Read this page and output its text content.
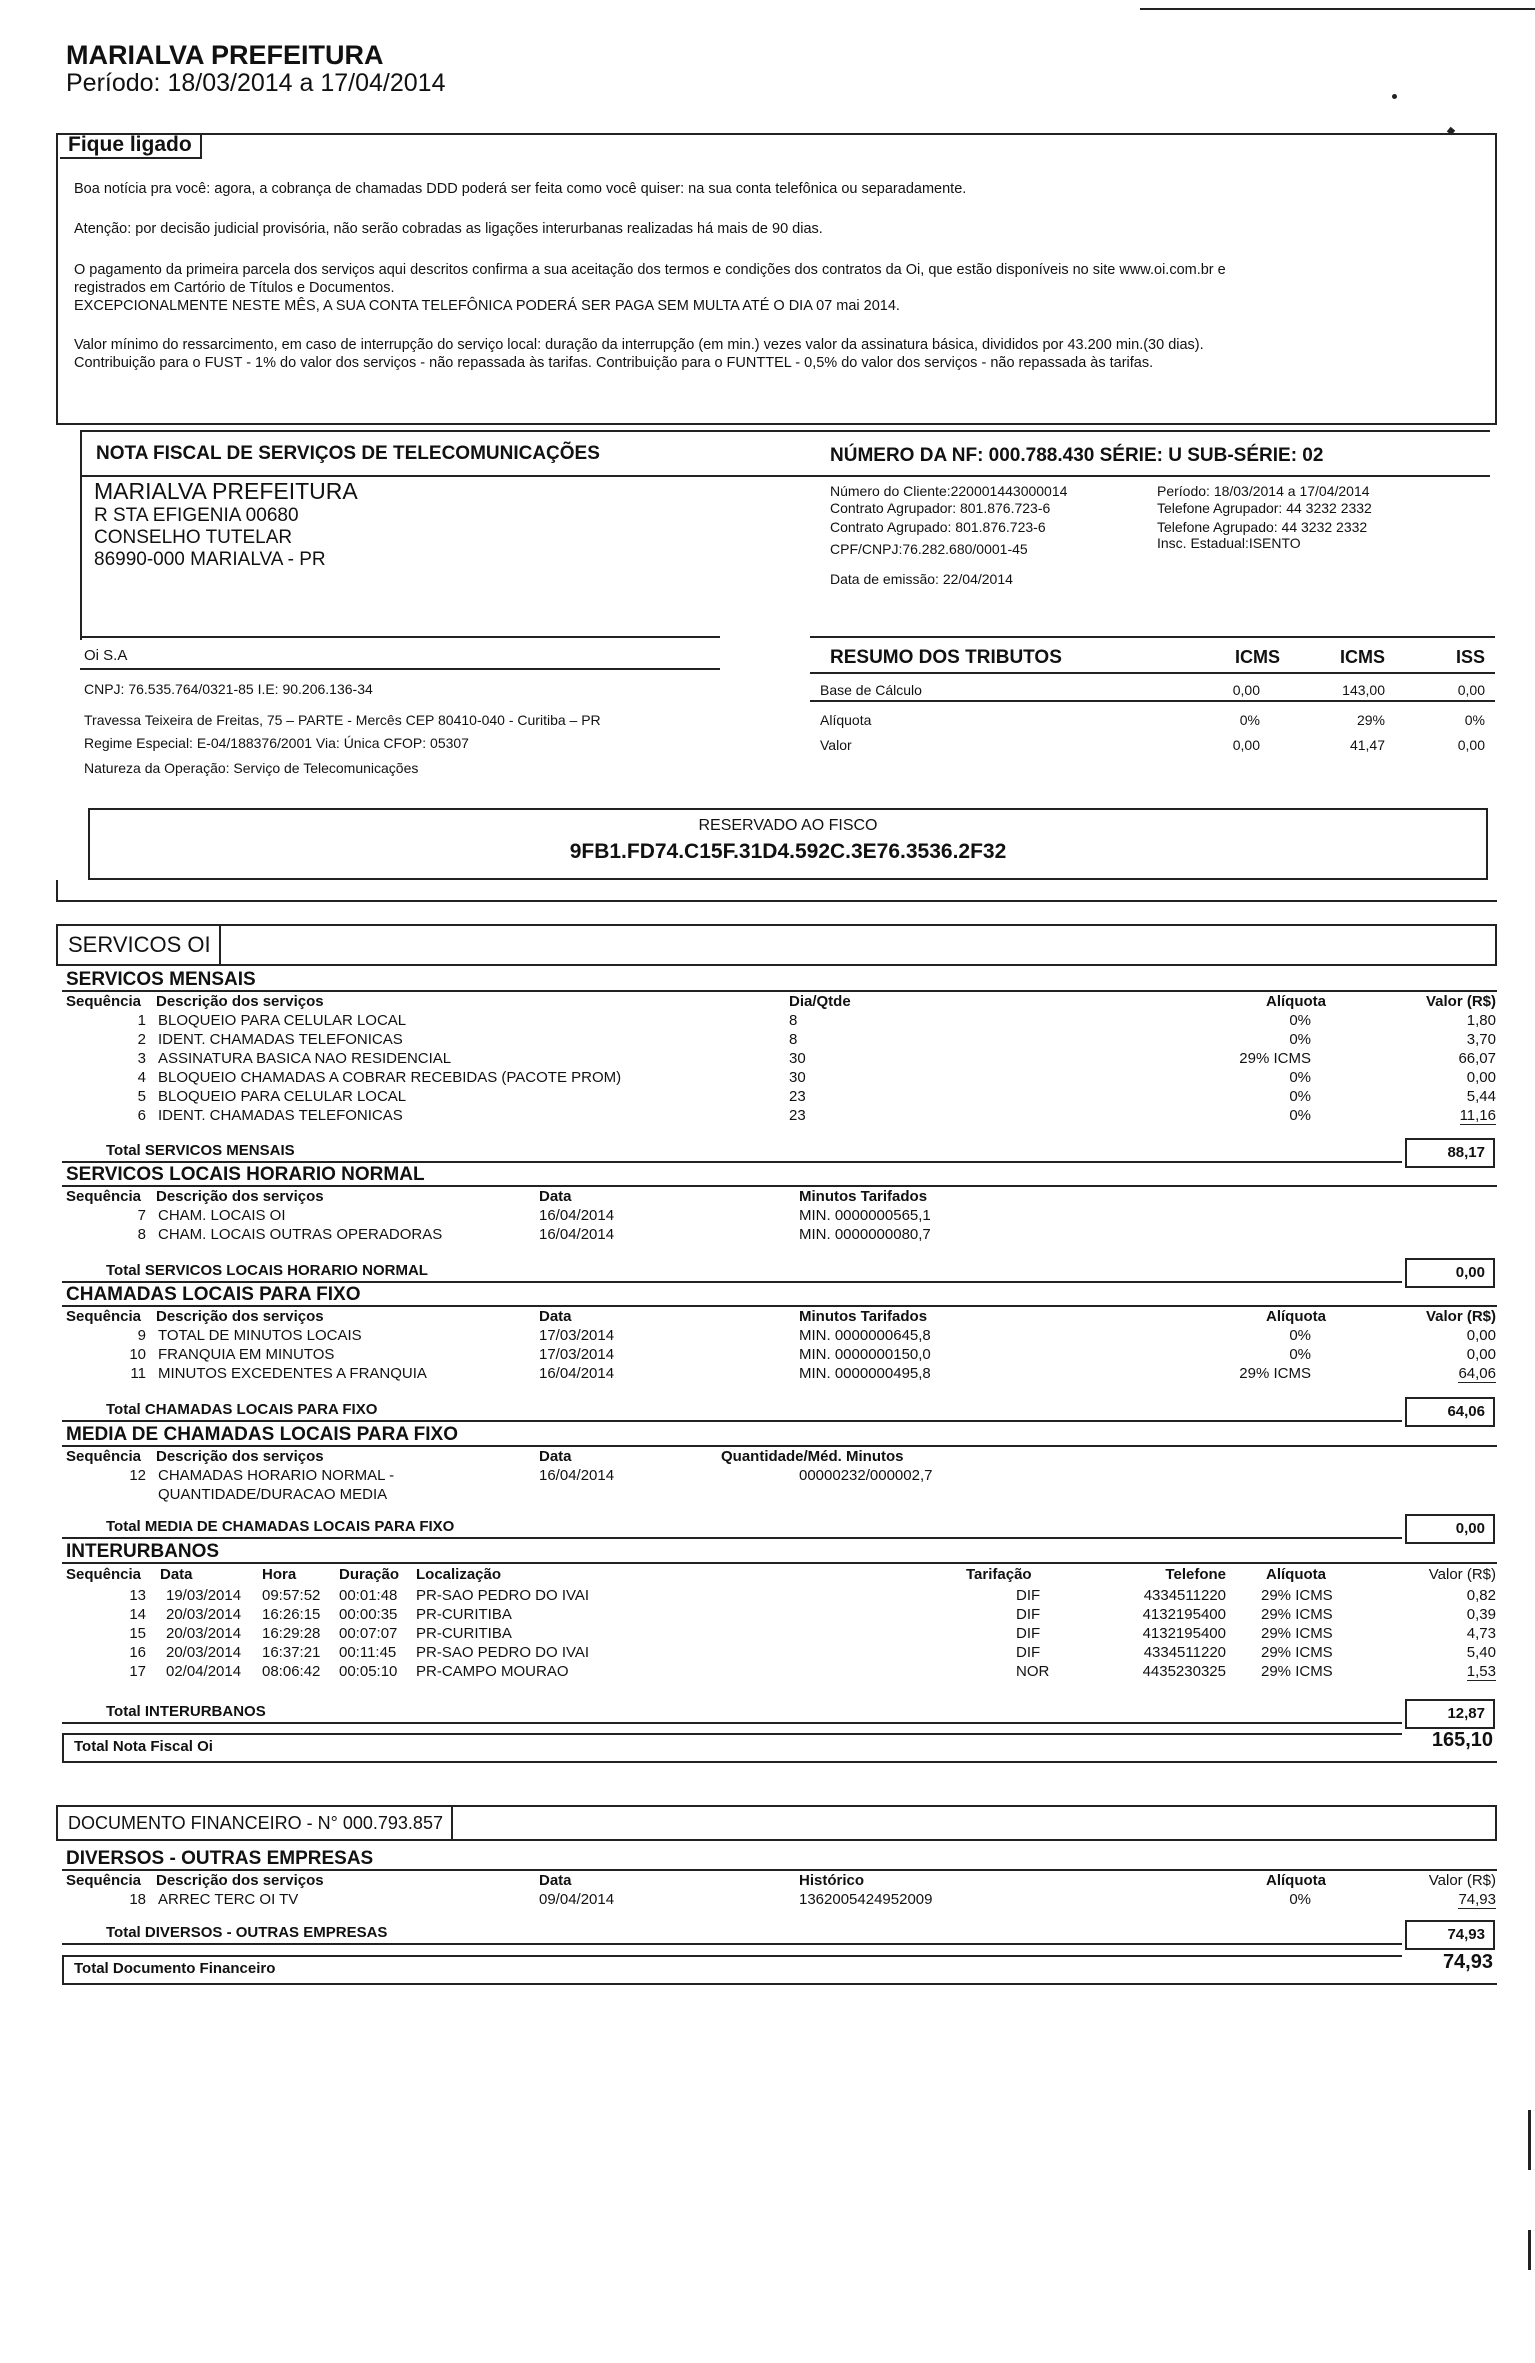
MARIALVA PREFEITURA
Período: 18/03/2014 a 17/04/2014
Fique ligado
Boa notícia pra você: agora, a cobrança de chamadas DDD poderá ser feita como você quiser: na sua conta telefônica ou separadamente.
Atenção: por decisão judicial provisória, não serão cobradas as ligações interurbanas realizadas há mais de 90 dias.
O pagamento da primeira parcela dos serviços aqui descritos confirma a sua aceitação dos termos e condições dos contratos da Oi, que estão disponíveis no site www.oi.com.br e
registrados em Cartório de Títulos e Documentos.
EXCEPCIONALMENTE NESTE MÊS, A SUA CONTA TELEFÔNICA PODERÁ SER PAGA SEM MULTA ATÉ O DIA 07 mai 2014.
Valor mínimo do ressarcimento, em caso de interrupção do serviço local: duração da interrupção (em min.) vezes valor da assinatura básica, divididos por 43.200 min.(30 dias).
Contribuição para o FUST - 1% do valor dos serviços - não repassada às tarifas. Contribuição para o FUNTTEL - 0,5% do valor dos serviços - não repassada às tarifas.
NOTA FISCAL DE SERVIÇOS DE TELECOMUNICAÇÕES	NÚMERO DA NF: 000.788.430 SÉRIE: U SUB-SÉRIE: 02
MARIALVA PREFEITURA
R STA EFIGENIA 00680
CONSELHO TUTELAR
86990-000 MARIALVA - PR
Número do Cliente:220001443000014
Contrato Agrupador: 801.876.723-6
Contrato Agrupado: 801.876.723-6
CPF/CNPJ:76.282.680/0001-45
Data de emissão: 22/04/2014
Período: 18/03/2014 a 17/04/2014
Telefone Agrupador: 44 3232 2332
Telefone Agrupado: 44 3232 2332
Insc. Estadual:ISENTO
Oi S.A
CNPJ: 76.535.764/0321-85 I.E: 90.206.136-34
Travessa Teixeira de Freitas, 75 – PARTE - Mercês CEP 80410-040 - Curitiba – PR
Regime Especial: E-04/188376/2001 Via: Única CFOP: 05307
Natureza da Operação: Serviço de Telecomunicações
RESUMO DOS TRIBUTOS	ICMS	ICMS	ISS
Base de Cálculo	0,00	143,00	0,00
Alíquota	0%	29%	0%
Valor	0,00	41,47	0,00
RESERVADO AO FISCO
9FB1.FD74.C15F.31D4.592C.3E76.3536.2F32
SERVICOS OI
SERVICOS MENSAIS
Sequência Descrição dos serviços	Dia/Qtde	Alíquota	Valor (R$)
1 BLOQUEIO PARA CELULAR LOCAL	8	0%	1,80
2 IDENT. CHAMADAS TELEFONICAS	8	0%	3,70
3 ASSINATURA BASICA NAO RESIDENCIAL	30	29% ICMS	66,07
4 BLOQUEIO CHAMADAS A COBRAR RECEBIDAS (PACOTE PROM)	30	0%	0,00
5 BLOQUEIO PARA CELULAR LOCAL	23	0%	5,44
6 IDENT. CHAMADAS TELEFONICAS	23	0%	11,16
Total SERVICOS MENSAIS	88,17
SERVICOS LOCAIS HORARIO NORMAL
Sequência Descrição dos serviços	Data	Minutos Tarifados
7 CHAM. LOCAIS OI	16/04/2014	MIN. 0000000565,1
8 CHAM. LOCAIS OUTRAS OPERADORAS	16/04/2014	MIN. 0000000080,7
Total SERVICOS LOCAIS HORARIO NORMAL	0,00
CHAMADAS LOCAIS PARA FIXO
Sequência Descrição dos serviços	Data	Minutos Tarifados	Alíquota	Valor (R$)
9 TOTAL DE MINUTOS LOCAIS	17/03/2014	MIN. 0000000645,8	0%	0,00
10 FRANQUIA EM MINUTOS	17/03/2014	MIN. 0000000150,0	0%	0,00
11 MINUTOS EXCEDENTES A FRANQUIA	16/04/2014	MIN. 0000000495,8	29% ICMS	64,06
Total CHAMADAS LOCAIS PARA FIXO	64,06
MEDIA DE CHAMADAS LOCAIS PARA FIXO
Sequência Descrição dos serviços	Data	Quantidade/Méd. Minutos
12 CHAMADAS HORARIO NORMAL -	16/04/2014	00000232/000002,7
QUANTIDADE/DURACAO MEDIA
Total MEDIA DE CHAMADAS LOCAIS PARA FIXO	0,00
INTERURBANOS
Sequência Data	Hora	Duração Localização	Tarifação	Telefone	Alíquota	Valor (R$)
13 19/03/2014 09:57:52 00:01:48 PR-SAO PEDRO DO IVAI	DIF	4334511220 29% ICMS	0,82
14 20/03/2014 16:26:15 00:00:35 PR-CURITIBA	DIF	4132195400 29% ICMS	0,39
15 20/03/2014 16:29:28 00:07:07 PR-CURITIBA	DIF	4132195400 29% ICMS	4,73
16 20/03/2014 16:37:21 00:11:45 PR-SAO PEDRO DO IVAI	DIF	4334511220 29% ICMS	5,40
17 02/04/2014 08:06:42 00:05:10 PR-CAMPO MOURAO	NOR	4435230325 29% ICMS	1,53
Total INTERURBANOS	12,87
Total Nota Fiscal Oi	165,10
DOCUMENTO FINANCEIRO - N° 000.793.857
DIVERSOS - OUTRAS EMPRESAS
Sequência Descrição dos serviços	Data	Histórico	Alíquota	Valor (R$)
18 ARREC TERC OI TV	09/04/2014	1362005424952009	0%	74,93
Total DIVERSOS - OUTRAS EMPRESAS	74,93
Total Documento Financeiro	74,93
